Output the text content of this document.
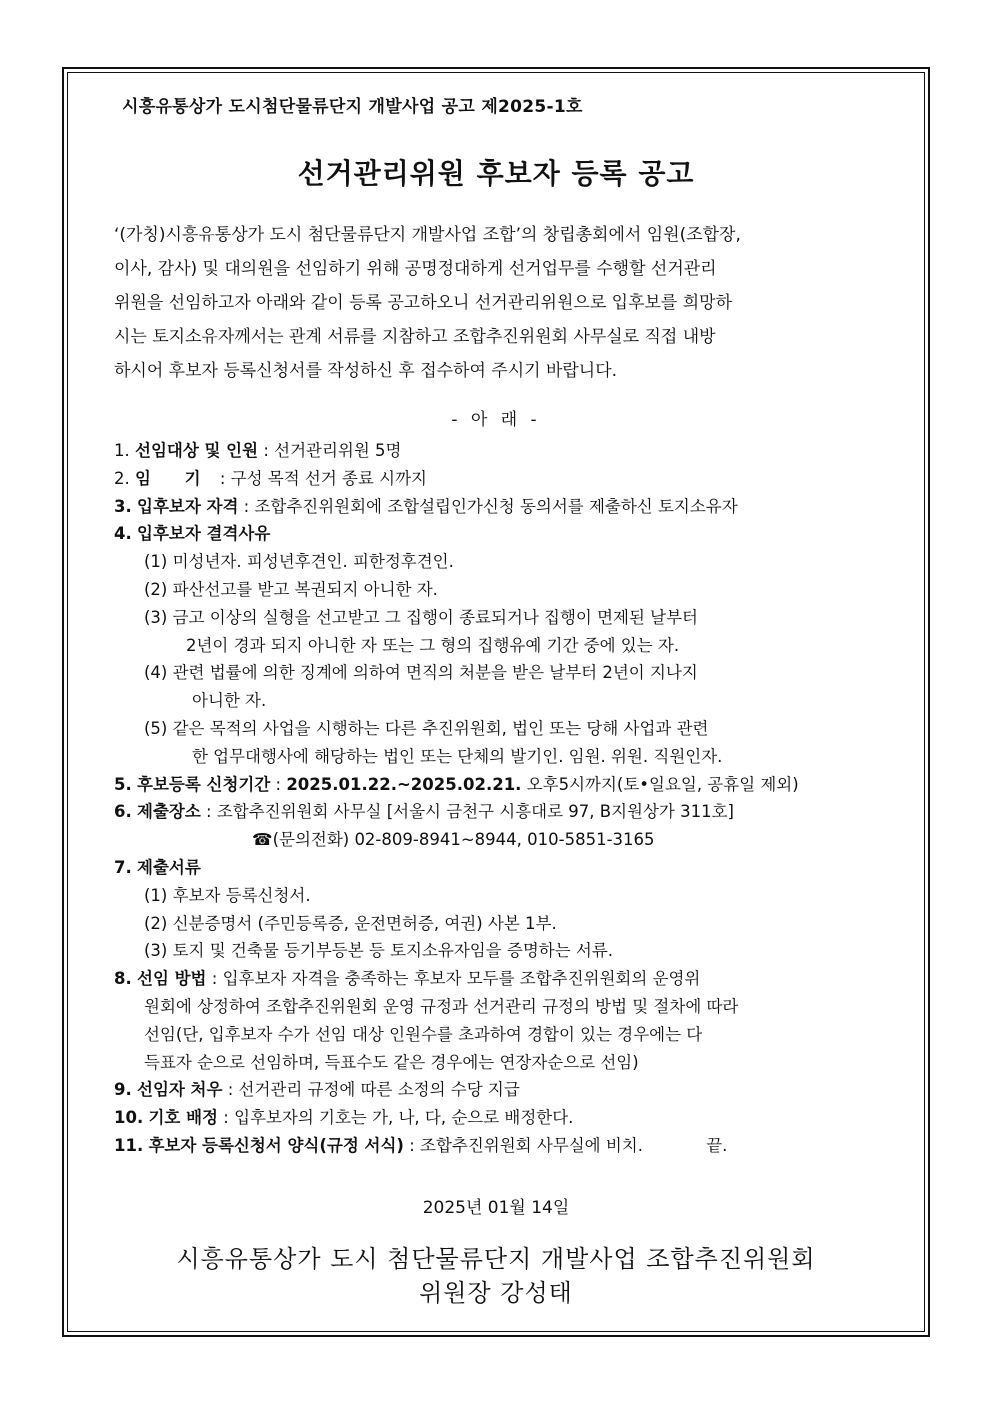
시흥유통상가 도시첨단물류단지 개발사업 공고 제2025-1호
선거관리위원 후보자 등록 공고

‘(가칭)시흥유통상가 도시 첨단물류단지 개발사업 조합’의 창립총회에서 임원(조합장,
이사, 감사) 및 대의원을 선임하기 위해 공명정대하게 선거업무를 수행할 선거관리
위원을 선임하고자 아래와 같이 등록 공고하오니 선거관리위원으로 입후보를 희망하
시는 토지소유자께서는 관계 서류를 지참하고 조합추진위원회 사무실로 직접 내방
하시어 후보자 등록신청서를 작성하신 후 접수하여 주시기 바랍니다.

- 아 래 -
1. 선임대상 및 인원 : 선거관리위원 5명
2. 임 기 : 구성 목적 선거 종료 시까지
3. 입후보자 자격 : 조합추진위원회에 조합설립인가신청 동의서를 제출하신 토지소유자
4. 입후보자 결격사유
(1) 미성년자. 피성년후견인. 피한정후견인.
(2) 파산선고를 받고 복권되지 아니한 자.
(3) 금고 이상의 실형을 선고받고 그 집행이 종료되거나 집행이 면제된 날부터
2년이 경과 되지 아니한 자 또는 그 형의 집행유예 기간 중에 있는 자.
(4) 관련 법률에 의한 징계에 의하여 면직의 처분을 받은 날부터 2년이 지나지
아니한 자.
(5) 같은 목적의 사업을 시행하는 다른 추진위원회, 법인 또는 당해 사업과 관련
한 업무대행사에 해당하는 법인 또는 단체의 발기인. 임원. 위원. 직원인자.
5. 후보등록 신청기간 : 2025.01.22.~2025.02.21. 오후5시까지(토•일요일, 공휴일 제외)
6. 제출장소 : 조합추진위원회 사무실 [서울시 금천구 시흥대로 97, B지원상가 311호]
☎(문의전화) 02-809-8941~8944, 010-5851-3165
7. 제출서류
(1) 후보자 등록신청서.
(2) 신분증명서 (주민등록증, 운전면허증, 여권) 사본 1부.
(3) 토지 및 건축물 등기부등본 등 토지소유자임을 증명하는 서류.
8. 선임 방법 : 입후보자 자격을 충족하는 후보자 모두를 조합추진위원회의 운영위
원회에 상정하여 조합추진위원회 운영 규정과 선거관리 규정의 방법 및 절차에 따라
선임(단, 입후보자 수가 선임 대상 인원수를 초과하여 경합이 있는 경우에는 다
득표자 순으로 선임하며, 득표수도 같은 경우에는 연장자순으로 선임)
9. 선임자 처우 : 선거관리 규정에 따른 소정의 수당 지급
10. 기호 배정 : 입후보자의 기호는 가, 나, 다, 순으로 배정한다.
11. 후보자 등록신청서 양식(규정 서식) : 조합추진위원회 사무실에 비치.	끝.
2025년 01월 14일
시흥유통상가 도시 첨단물류단지 개발사업 조합추진위원회
위원장 강성태
